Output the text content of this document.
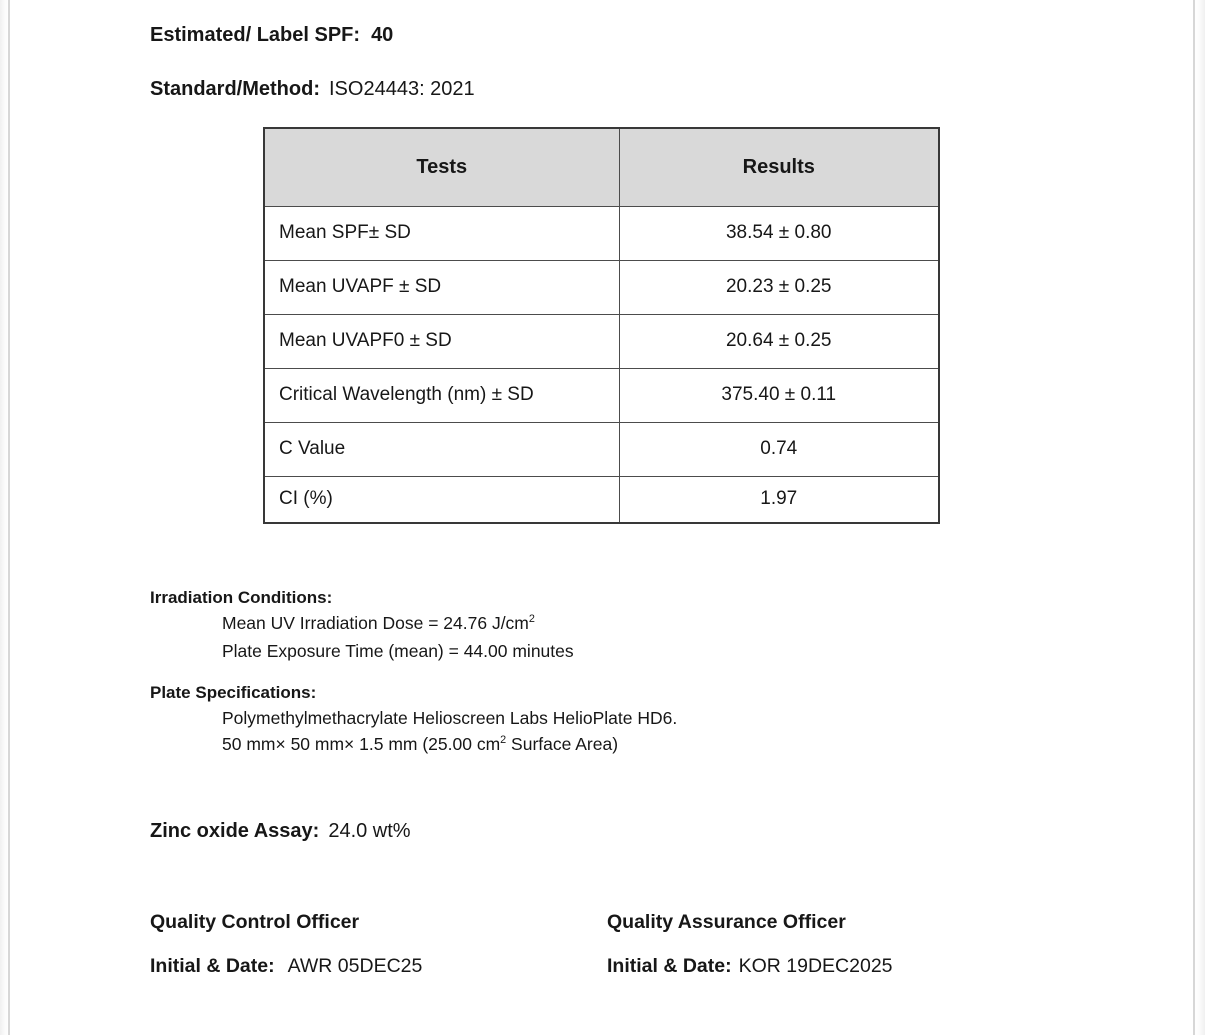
Estimated/ Label SPF: 40
Standard/Method: ISO24443: 2021
Tests	Results
Mean SPF± SD	38.54 ± 0.80
Mean UVAPF ± SD	20.23 ± 0.25
Mean UVAPF0 ± SD	20.64 ± 0.25
Critical Wavelength (nm) ± SD	375.40 ± 0.11
C Value	0.74
CI (%)	1.97
Irradiation Conditions:
Mean UV Irradiation Dose = 24.76 $J/cm^2$
Plate Exposure Time (mean) = 44.00 minutes
Plate Specifications:
Polymethylmethacrylate Helioscreen Labs HelioPlate HD6.
50 mm× 50 mm× 1.5 mm (25.00 $cm^2$ Surface Area)
Zinc oxide Assay: 24.0 wt%
Quality Control Officer	Quality Assurance Officer
Initial & Date: AWR 05DEC25	Initial & Date: KOR 19DEC2025
